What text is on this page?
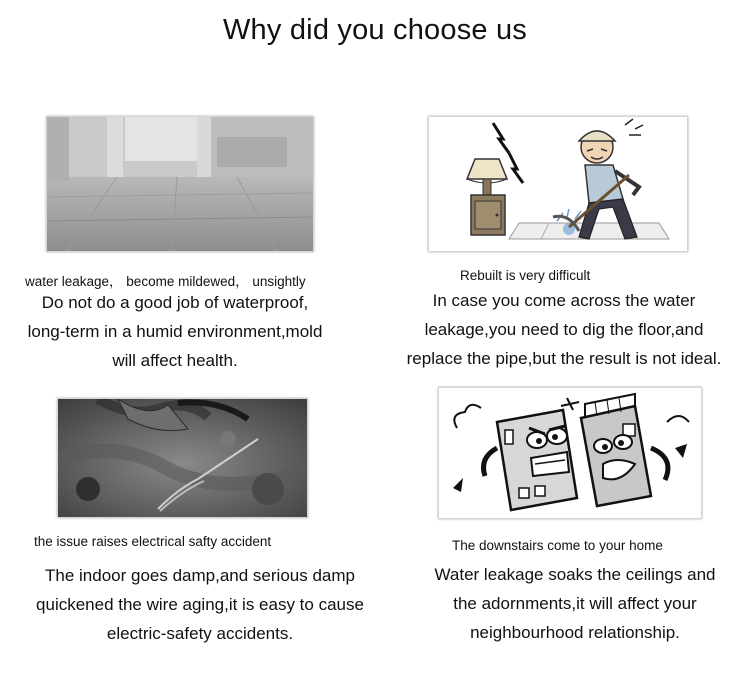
Why did you choose us
water leakage， become mildewed， unsightly	Rebuilt is very difficult
the issue raises electrical safty accident	The downstairs come to your home
Do not do a good job of waterproof,
long-term in a humid environment,mold
will affect health.
In case you come across the water
leakage,you need to dig the floor,and
replace the pipe,but the result is not ideal.
The indoor goes damp,and serious damp
quickened the wire aging,it is easy to cause
electric-safety accidents.
Water leakage soaks the ceilings and
the adornments,it will affect your
neighbourhood relationship.
